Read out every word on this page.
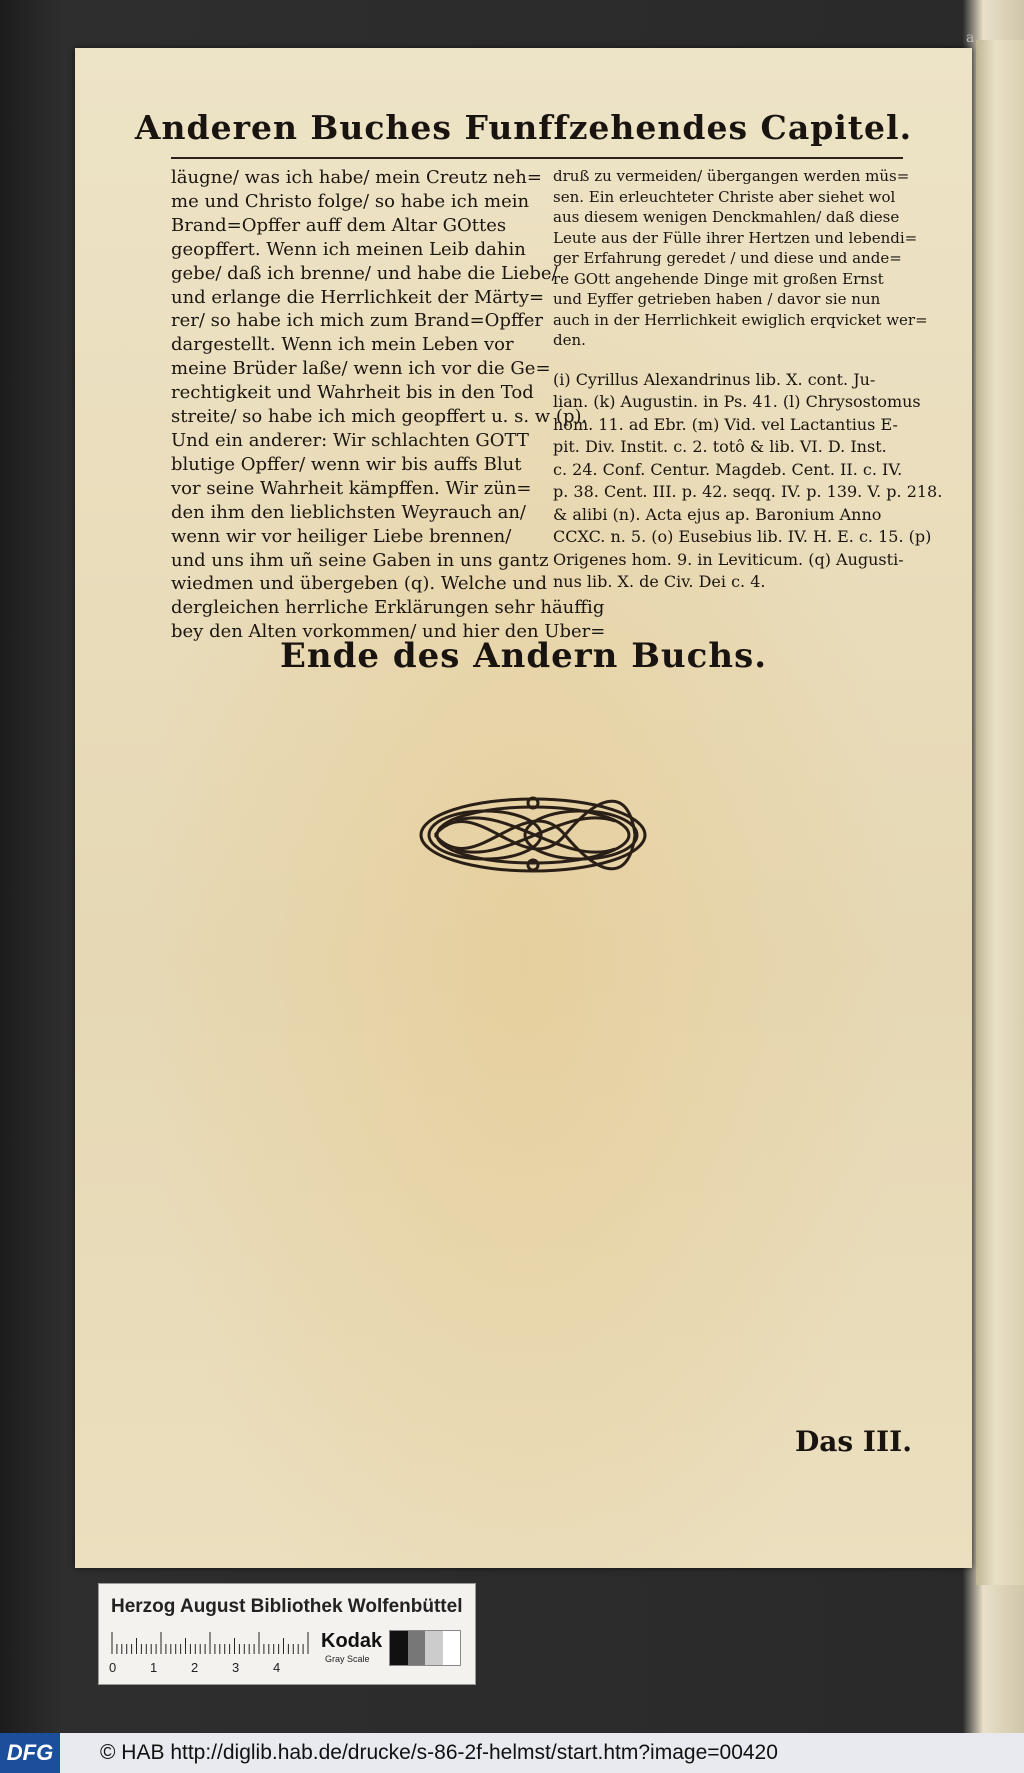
a
Anderen Buches Funffzehendes Capitel.
läugne/ was ich habe/ mein Creutz neh=
me und Christo folge/ so habe ich mein
Brand=Opffer auff dem Altar GOttes
geopffert. Wenn ich meinen Leib dahin
gebe/ daß ich brenne/ und habe die Liebe/
und erlange die Herrlichkeit der Märty=
rer/ so habe ich mich zum Brand=Opffer
dargestellt. Wenn ich mein Leben vor
meine Brüder laße/ wenn ich vor die Ge=
rechtigkeit und Wahrheit bis in den Tod
streite/ so habe ich mich geopffert u. s. w (p).
Und ein anderer: Wir schlachten GOTT
blutige Opffer/ wenn wir bis auffs Blut
vor seine Wahrheit kämpffen. Wir zün=
den ihm den lieblichsten Weyrauch an/
wenn wir vor heiliger Liebe brennen/
und uns ihm uñ seine Gaben in uns gantz
wiedmen und übergeben (q). Welche und
dergleichen herrliche Erklärungen sehr häuffig
bey den Alten vorkommen/ und hier den Uber=

druß zu vermeiden/ übergangen werden müs=
sen. Ein erleuchteter Christe aber siehet wol
aus diesem wenigen Denckmahlen/ daß diese
Leute aus der Fülle ihrer Hertzen und lebendi=
ger Erfahrung geredet / und diese und ande=
re GOtt angehende Dinge mit großen Ernst
und Eyffer getrieben haben / davor sie nun
auch in der Herrlichkeit ewiglich erqvicket wer=
den.

(i) Cyrillus Alexandrinus lib. X. cont. Ju-
lian. (k) Augustin. in Ps. 41. (l) Chrysostomus
hom. 11. ad Ebr. (m) Vid. vel Lactantius E-
pit. Div. Instit. c. 2. totô & lib. VI. D. Inst.
c. 24. Conf. Centur. Magdeb. Cent. II. c. IV.
p. 38. Cent. III. p. 42. seqq. IV. p. 139. V. p. 218.
& alibi (n). Acta ejus ap. Baronium Anno
CCXC. n. 5. (o) Eusebius lib. IV. H. E. c. 15. (p)
Origenes hom. 9. in Leviticum. (q) Augusti-
nus lib. X. de Civ. Dei c. 4.

Ende des Andern Buchs.
Das III.
Herzog August Bibliothek Wolfenbüttel
0	1	2	3	4
Kodak
Gray Scale
DFG	© HAB http://diglib.hab.de/drucke/s-86-2f-helmst/start.htm?image=00420
